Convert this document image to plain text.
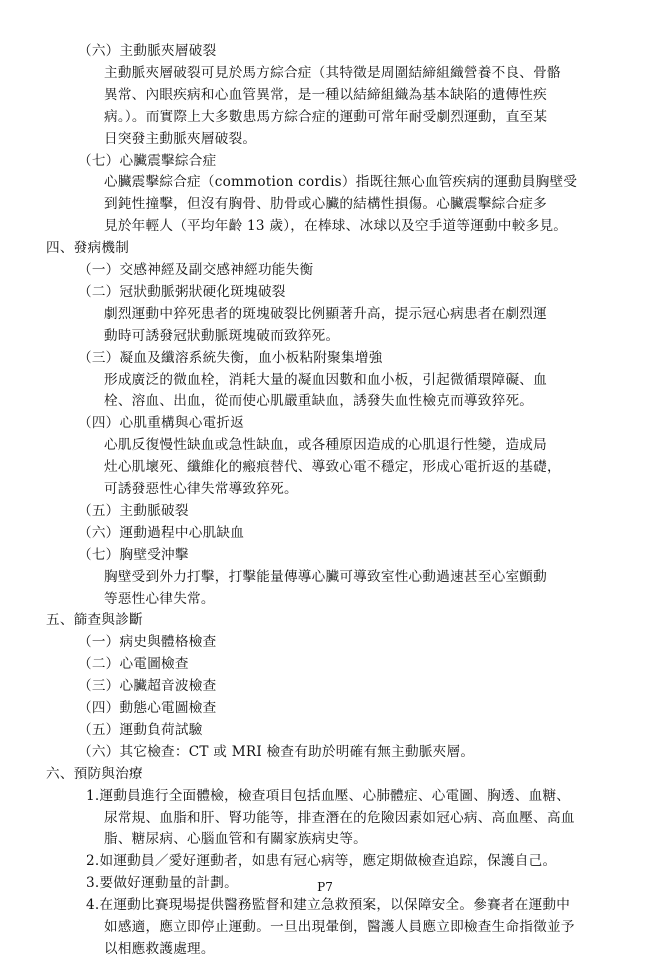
（六）主動脈夾層破裂
主動脈夾層破裂可見於馬方綜合症（其特徵是周圍結締組織營養不良、骨骼
異常、內眼疾病和心血管異常，是一種以結締組織為基本缺陷的遺傳性疾
病。）。而實際上大多數患馬方綜合症的運動可常年耐受劇烈運動，直至某
日突發主動脈夾層破裂。
（七）心臟震擊綜合症
心臟震擊綜合症（commotion cordis）指既往無心血管疾病的運動員胸壁受
到鈍性撞擊，但沒有胸骨、肋骨或心臟的結構性損傷。心臟震擊綜合症多
見於年輕人（平均年齡 13 歲），在棒球、冰球以及空手道等運動中較多見。
四、發病機制
（一）交感神經及副交感神經功能失衡
（二）冠狀動脈粥狀硬化斑塊破裂
劇烈運動中猝死患者的斑塊破裂比例顯著升高，提示冠心病患者在劇烈運
動時可誘發冠狀動脈斑塊破而致猝死。
（三）凝血及纖溶系統失衡，血小板粘附聚集增強
形成廣泛的微血栓，消耗大量的凝血因數和血小板，引起微循環障礙、血
栓、溶血、出血，從而使心肌嚴重缺血，誘發失血性檢克而導致猝死。
（四）心肌重構與心電折返
心肌反復慢性缺血或急性缺血，或各種原因造成的心肌退行性變，造成局
灶心肌壞死、纖維化的瘢痕替代、導致心電不穩定，形成心電折返的基礎，
可誘發惡性心律失常導致猝死。
（五）主動脈破裂
（六）運動過程中心肌缺血
（七）胸壁受沖擊
胸壁受到外力打擊，打擊能量傳導心臟可導致室性心動過速甚至心室顫動
等惡性心律失常。
五、篩查與診斷
（一）病史與體格檢查
（二）心電圖檢查
（三）心臟超音波檢查
（四）動態心電圖檢查
（五）運動負荷試驗
（六）其它檢查：CT 或 MRI 檢查有助於明確有無主動脈夾層。
六、預防與治療
1.運動員進行全面體檢，檢查項目包括血壓、心肺體症、心電圖、胸透、血糖、
尿常規、血脂和肝、腎功能等，排查潛在的危險因素如冠心病、高血壓、高血
脂、糖尿病、心腦血管和有關家族病史等。
2.如運動員／愛好運動者，如患有冠心病等，應定期做檢查追踪，保護自己。
3.要做好運動量的計劃。
4.在運動比賽現場提供醫務監督和建立急救預案，以保障安全。參賽者在運動中
如感適，應立即停止運動。一旦出現暈倒，醫護人員應立即檢查生命指徵並予
以相應救護處理。
P7
